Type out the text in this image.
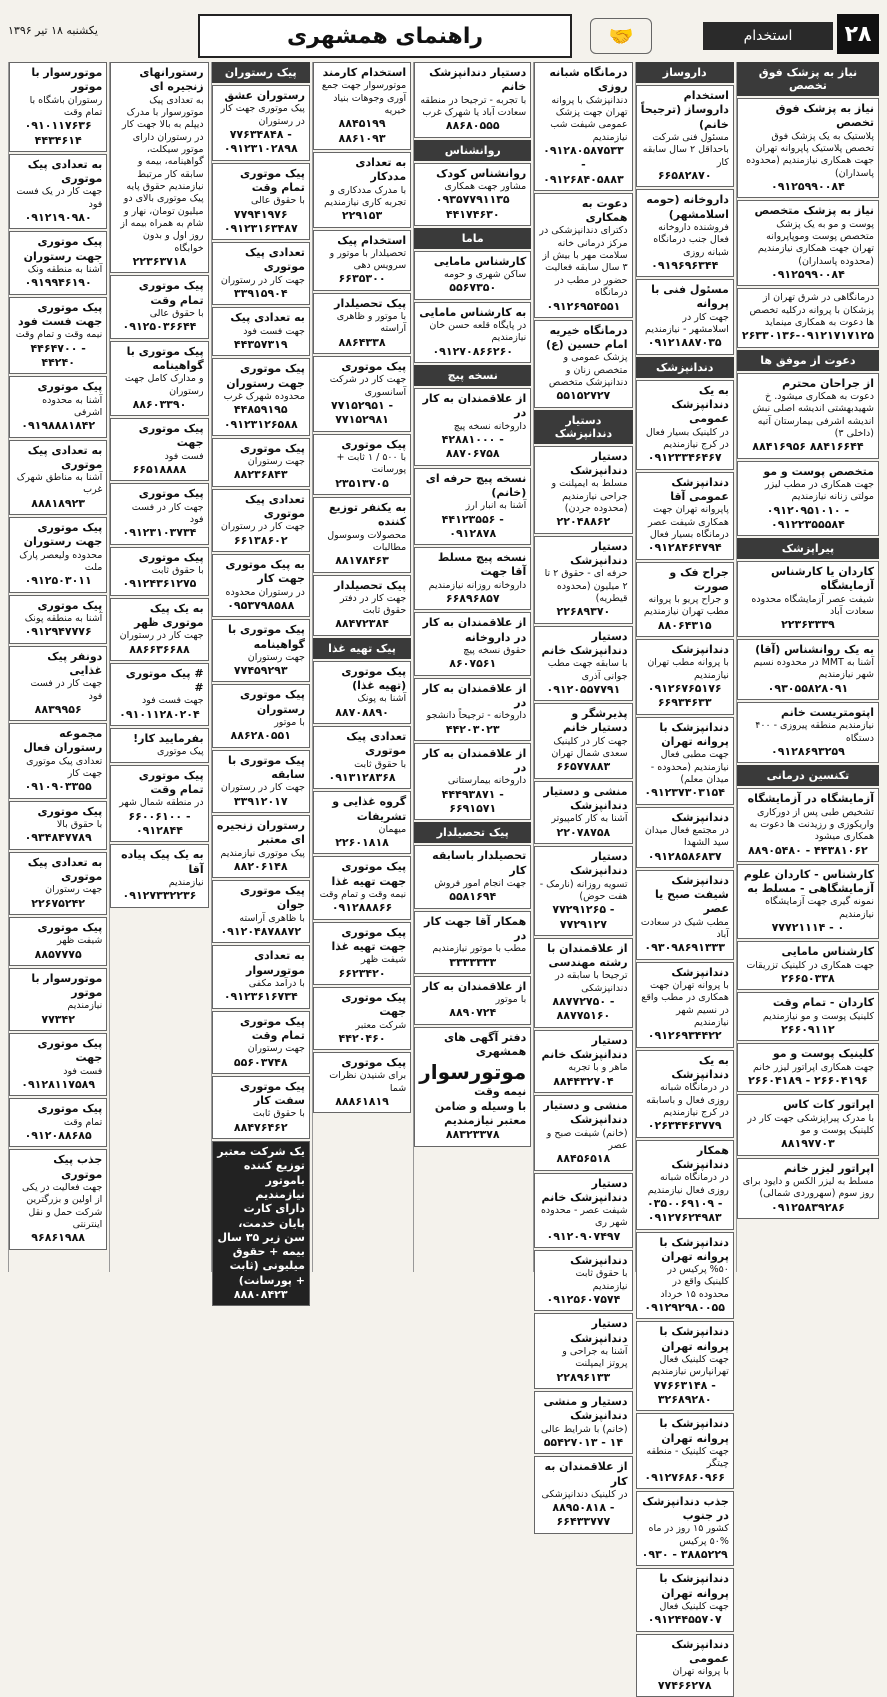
۲۸
استخدام
🤝
راهنمای همشهری
یکشنبه ۱۸ تیر ۱۳۹۶
نیاز به پزشک فوق تخصص
نیاز به پزشک فوق تخصص
پلاستیک به یک پزشک فوق تخصص پلاستیک پاپروانه تهران جهت همکاری نیازمندیم (محدوده پاسداران)
۰۹۱۲۵۹۹۰۰۸۴
نیاز به پزشک متخصص
پوست و مو به یک پزشک متخصص پوست وموپاپروانه تهران جهت همکاری نیازمندیم (محدوده پاسداران)
۰۹۱۲۵۹۹۰۰۸۴
درمانگاهی در شرق تهران از پزشکان با پروانه درکلیه تخصص ها دعوت به همکاری مینماید
۲۶۳۳۰۱۳۶-۰۹۱۲۱۷۱۷۱۲۵
دعوت از موفق ها
از جراحان محترم
دعوت به همکاری میشود. خ شهیدبهشتی اندیشه اصلی نبش اندیشه اشرفی بیمارستان آتیه (داخلی ۳)
۸۸۴۱۶۹۵۶ ۸۸۴۱۶۶۴۴
متخصص پوست و مو
جهت همکاری در مطب لیزر مولتی زنانه نیازمندیم
۰۹۱۲۰۹۵۱۰۱۰ - ۰۹۱۲۲۳۵۵۵۸۴
پیراپزشک
کاردان یا کارشناس آزمایشگاه
شیفت عصر آزمایشگاه محدوده سعادت آباد
۲۲۳۶۳۳۳۹
به یک روانشناس (آقا)
آشنا به MMT در محدوده نسیم شهر نیازمندیم
۰۹۳۰۵۵۸۲۸۰۹۱
اپتومتریست خانم
نیازمندیم منطقه پیروزی - ۴۰۰ دستگاه
۰۹۱۲۸۶۹۳۲۵۹
تکنسین درمانی
آزمایشگاه در آزمایشگاه
تشخیص طبی پس از دورکاری واریکوزی و رزیدنت ها دعوت به همکاری میشود
۸۸۹۰۵۴۸۰ - ۴۴۳۸۱۰۶۲
کارشناس - کاردان علوم آزمایشگاهی - مسلط به
نمونه گیری جهت آزمایشگاه نیازمندیم
۷۷۷۲۱۱۱۴ - ۰
کارشناس مامایی
جهت همکاری در کلینیک تزریقات
۲۶۶۵۰۳۳۸
کاردان - تمام وقت
کلینیک پوست و مو نیازمندیم
۲۶۶۰۹۱۱۲
کلینیک پوست و مو
جهت همکاری اپراتور لیزر خانم
۲۶۶۰۴۱۸۹ - ۲۶۶۰۴۱۹۶
اپراتور کات کاس
با مدرک پیراپزشکی جهت کار در کلینیک پوست و مو
۸۸۱۹۷۷۰۳
اپراتور لیزر خانم
مسلط به لیزر الکس و دایود برای روز سوم (سهروردی شمالی)
۰۹۱۲۵۸۳۹۲۸۶
داروساز
استخدام داروساز (ترجیحاً خانم)
مسئول فنی شرکت باحداقل ۲ سال سابقه کار
۶۶۵۸۲۸۷۰
داروخانه (حومه اسلامشهر)
فروشنده داروخانه فعال جنب درمانگاه شبانه روزی
۰۹۱۹۶۹۶۳۴۴
مسئول فنی با پروانه
جهت کار در اسلامشهر - نیازمندیم
۰۹۱۲۱۸۸۷۰۳۵
دندانپزشک
به یک دندانپزشک عمومی
در کلینیک بسیار فعال در کرج نیازمندیم
۰۹۱۲۳۳۴۶۴۶۷
دندانپزشک عمومی آقا
پاپروانه تهران جهت همکاری شیفت عصر درمانگاه بسیار فعال
۰۹۱۲۸۴۶۴۷۹۴
جراح فک و صورت
و جراح پریو با پروانه مطب تهران نیازمندیم
۸۸۰۶۴۳۱۵
دندانپزشک
با پروانه مطب تهران نیازمندیم
۰۹۱۲۶۷۶۵۱۷۶ ۶۶۹۳۴۶۳۳
دندانپزشک با پروانه تهران
جهت مطبی فعال نیازمندیم (محدوده - میدان معلم)
۰۹۱۲۳۷۳۰۳۱۵۴
دندانپزشک
در مجتمع فعال میدان سید الشهدا
۰۹۱۲۸۵۸۶۸۳۷
دندانپزشک شیفت صبح یا عصر
مطب شیک در سعادت آباد
۰۹۳۰۹۸۶۹۱۳۳۳
دندانپزشک
با پروانه تهران جهت همکاری در مطب واقع در نسیم شهر نیازمندیم
۰۹۱۲۶۹۳۴۴۲۲
به یک دندانپزشک
در درمانگاه شبانه روزی فعال و باسابقه در کرج نیازمندیم
۰۲۶۳۴۴۶۳۷۷۹
همکار دندانپزشک
در درمانگاه شبانه روزی فعال نیازمندیم
۰۳۵۰۰۶۹۱۰۹ - ۰۹۱۲۷۶۲۴۹۸۳
دندانپزشک با پروانه تهران
%۵۰ پرکیس در کلینیک واقع در محدوده ۱۵ خرداد
۰۹۱۲۹۲۹۸۰۰۵۵
دندانپزشک با پروانه تهران
جهت کلینیک فعال تهرانپارس نیازمندیم
۷۷۶۶۳۱۴۸ - ۳۲۶۸۹۲۸۰
دندانپزشک با پروانه تهران
جهت کلینیک - منطقه چیتگر
۰۹۱۲۷۶۸۶۰۹۶۶
جذب دندانپزشک در جنوب
کشور ۱۵ روز در ماه %۵۰ پرکیس
۰۹۳۰ - ۳۸۸۵۲۲۹
دندانپزشک با پروانه تهران
جهت کلینیک فعال
۰۹۱۲۴۴۵۵۷۰۷
دندانپزشک عمومی
با پروانه تهران
۷۷۴۶۶۲۷۸
درمانگاه شبانه روزی
دندانپزشک با پروانه تهران جهت پزشک عمومی شیفت شب نیازمندیم
۰۹۱۲۸۰۵۸۷۵۳۳ - ۰۹۱۲۶۸۴۰۵۸۸۳
دعوت به همکاری
دکترای دندانپزشکی در مرکز درمانی خانه سلامت مهر با بیش از ۳ سال سابقه فعالیت حضور در مطب در درمانگاه
۰۹۱۲۶۹۵۴۵۵۱
درمانگاه خیریه امام حسین (ع)
پزشک عمومی و متخصص زنان و دندانپزشک متخصص
۵۵۱۵۲۷۲۷
دستیار دندانپزشک
دستیار دندانپزشک
مسلط به ایمپلنت و جراحی نیازمندیم (محدوده جردن)
۲۲۰۴۸۸۶۲
دستیار دندانپزشک
حرفه ای - حقوق ۲ تا ۲ میلیون (محدوده قیطریه)
۲۲۶۸۹۳۷۰
دستیار دندانپزشک خانم
با سابقه جهت مطب جوانی آذری
۰۹۱۲۰۵۵۷۷۹۱
پذیرشگر و دستیار خانم
جهت کار در کلینیک سعدی شمال تهران
۶۶۵۷۷۸۸۳
منشی و دستیار دندانپزشک
آشنا به کار کامپیوتر
۲۲۰۷۸۷۵۸
دستیار دندانپزشک
تسویه روزانه (نارمک - هفت حوض)
۷۷۲۹۱۲۶۵ - ۷۷۲۹۱۲۷
از علاقمندان با رشته مهندسی
ترجیحا با سابقه در دندانپزشکی
۸۸۷۷۲۷۵۰ - ۸۸۷۷۵۱۶۰
دستیار دندانپزشک خانم
ماهر و با تجربه
۸۸۴۴۳۲۷۰۴
منشی و دستیار دندانپزشک
(خانم) شیفت صبح و عصر
۸۸۴۵۶۵۱۸
دستیار دندانپزشک خانم
شیفت عصر - محدوده شهر ری
۰۹۱۲۰۹۰۷۴۹۷
دندانپزشک
با حقوق ثابت نیازمندیم
۰۹۱۲۵۶۰۷۵۷۴
دستیار دندانپزشک
آشنا به جراحی و پروتز ایمپلنت
۲۲۸۹۶۱۳۳
دستیار و منشی دندانپزشک
(خانم) با شرایط عالی
۵۵۴۲۷۰۱۳ - ۱۴
از علاقمندان به کار
در کلینیک دندانپزشکی
۸۸۹۵۰۸۱۸ - ۶۶۴۳۳۷۷۷
دستیار دندانپزشک خانم
با تجربه - ترجیحا در منطقه سعادت آباد یا شهرک غرب
۸۸۶۸۰۵۵۵
روانشناس
روانشناس کودک
مشاور جهت همکاری
۰۹۳۵۷۷۹۱۱۳۵ ۴۴۱۷۴۶۳۰
ماما
کارشناس مامایی
ساکن شهری و حومه
۵۵۶۷۳۵۰
به کارشناس مامایی
در پایگاه قلعه حسن خان نیازمندیم
۰۹۱۲۷۰۸۶۶۲۶۰
نسخه پیچ
از علاقمندان به کار در
داروخانه نسخه پیچ
۴۲۸۸۱۰۰۰ - ۸۸۷۰۶۷۵۸
نسخه پیچ حرفه ای (خانم)
آشنا به انبار ارز
۴۴۱۲۳۵۵۶ - ۰۹۱۲۸۷۸
نسخه پیچ مسلط آقا جهت
داروخانه روزانه نیازمندیم
۶۶۸۹۶۸۵۷
از علاقمندان به کار در داروخانه
حقوق نسخه پیچ
۸۶۰۷۵۶۱
از علاقمندان به کار در
داروخانه - ترجیحاً دانشجو
۴۴۲۰۳۰۲۳
از علاقمندان به کار در
داروخانه بیمارستانی
۴۴۴۹۳۸۷۱ - ۶۶۹۱۵۷۱
پیک تحصیلدار
تحصیلدار باسابقه کار
جهت انجام امور فروش
۵۵۸۱۶۹۴
همکار آقا جهت کار در
مطب با موتور نیازمندیم
۳۳۳۳۳۳۳
از علاقمندان به کار
با موتور
۸۸۹۰۷۲۴
دفتر آگهی های همشهری
موتورسوار
نیمه وقت
با وسیله و ضامن معتبر نیازمندیم
۸۸۳۲۳۳۷۸
استخدام کارمند
موتورسوار جهت جمع آوری وجوهات بنیاد خیریه
۸۸۴۵۱۹۹ ۸۸۶۱۰۹۳
به تعدادی مددکار
با مدرک مددکاری و تجربه کاری نیازمندیم
۲۲۹۱۵۳
استخدام پیک
تحصیلدار با موتور و سرویس دهی
۶۶۳۵۳۰۰
پیک تحصیلدار
با موتور و ظاهری آراسته
۸۸۶۴۳۳۸
پیک موتوری
جهت کار در شرکت آسانسوری
۷۷۱۵۲۹۵۱ - ۷۷۱۵۲۹۸۱
پیک موتوری
با ۵۰۰ / ۱ ثابت + پورسانت
۲۳۵۱۳۷۰۵
به یکنفر توزیع کننده
محصولات وسوسول مطالبات
۸۸۱۷۸۴۶۳
پیک تحصیلدار
جهت کار در دفتر حقوق ثابت
۸۸۴۷۲۳۸۴
پیک تهیه غذا
پیک موتوری (تهیه غذا)
آشنا به پونک
۸۸۷۰۸۸۹۰
تعدادی پیک موتوری
با حقوق ثابت
۰۹۱۳۱۲۸۳۶۸
گروه غذایی و تشریفات
میهمان
۲۲۶۰۱۸۱۸
پیک موتوری جهت تهیه غذا
نیمه وقت و تمام وقت
۰۹۱۲۸۸۸۶۶
پیک موتوری جهت تهیه غذا
شیفت ظهر
۶۶۲۳۴۲۰
پیک موتوری جهت
شرکت معتبر
۴۴۲۰۴۶۰
پیک موتوری
برای شنیدن نظرات شما
۸۸۸۶۱۸۱۹
پیک رستوران
رستوران عشق
پیک موتوری جهت کار در رستوران
۷۷۶۳۴۸۴۸ - ۰۹۱۲۳۱۰۲۸۹۸
پیک موتوری تمام وقت
با حقوق عالی
۷۷۹۴۱۹۷۶ ۰۹۱۲۳۱۶۳۴۸۷
تعدادی پیک موتوری
جهت کار در رستوران
۳۳۹۱۵۹۰۴
به تعدادی پیک
جهت فست فود
۴۴۳۵۷۳۱۹
پیک موتوری جهت رستوران
محدوده شهرک غرب
۴۴۸۵۹۱۹۵ ۰۹۱۲۳۱۲۶۵۸۸
پیک موتوری
جهت رستوران
۸۸۲۳۶۸۴۳
تعدادی پیک موتوری
جهت کار در رستوران
۶۶۱۳۸۶۰۲
به پیک موتوری جهت کار
در رستوران محدوده
۰۹۵۳۷۹۸۵۸۸
پیک موتوری با گواهینامه
جهت رستوران
۷۷۴۵۹۲۹۳
پیک موتوری رستوران
با موتور
۸۸۶۲۸۰۵۵۱
پیک موتوری با سابقه
جهت کار در رستوران
۳۳۹۱۲۰۱۷
رستوران زنجیره ای معتبر
پیک موتوری نیازمندیم
۸۸۲۰۶۱۴۸
پیک موتوری جوان
با ظاهری آراسته
۰۹۱۲۰۴۸۷۸۸۷۲
به تعدادی موتورسوار
با درآمد مکفی
۰۹۱۲۳۶۱۶۷۳۴
پیک موتوری تمام وقت
جهت رستوران
۵۵۶۰۳۷۴۸
پیک موتوری سفت کار
با حقوق ثابت
۸۸۴۷۶۴۶۲
یک شرکت معتبر
توزیع کننده باموتور نیازمندیم
دارای کارت پایان خدمت، سن زیر ۳۵ سال بیمه + حقوق میلیونی (ثابت + پورسانت)
۸۸۸۰۸۴۲۳
رستورانهای زنجیره ای
به تعدادی پیک موتورسوار با مدرک دیپلم به بالا جهت کار در رستوران دارای موتور سیکلت، گواهینامه، بیمه و سابقه کار مرتبط نیازمندیم حقوق پایه پیک موتوری بالای دو میلیون تومان، نهار و شام به همراه بیمه از روز اول و بدون خوابگاه
۲۲۳۶۳۷۱۸
پیک موتوری تمام وقت
با حقوق عالی
۰۹۱۲۵۰۳۶۶۴۴
پیک موتوری با گواهینامه
و مدارک کامل جهت رستوران
۸۸۶۰۳۳۹۰
پیک موتوری جهت
فست فود
۶۶۵۱۸۸۸۸
پیک موتوری
جهت کار در فست فود
۰۹۱۲۳۱۰۳۷۳۴
پیک موتوری
با حقوق ثابت
۰۹۱۲۴۳۶۱۲۷۵
به یک پیک موتوری ظهر
جهت کار در رستوران
۸۸۶۶۳۶۶۸۸
# پیک موتوری #
جهت فست فود
۰۹۱۰۱۱۲۸۰۲۰۴
بفرمایید کار!
پیک موتوری
پیک موتوری تمام وقت
در منطقه شمال شهر
۶۶۰۰۶۱۰۰ - ۰۹۱۲۸۴۴
به یک پیک پیاده آقا
نیازمندیم
۰۹۱۲۷۳۳۲۲۳۶
موتورسوار با موتور
رستوران باشگاه با تمام وقت
۰۹۱۰۱۱۷۶۳۶ ۴۴۳۴۶۱۴
به تعدادی پیک موتوری
جهت کار در یک فست فود
۰۹۱۲۱۹۰۹۸۰
پیک موتوری جهت رستوران
آشنا به منطقه ونک
۰۹۱۹۹۴۶۱۹۰
پیک موتوری جهت فست فود
نیمه وقت و تمام وقت
۴۴۶۴۷۰۰ - ۴۴۲۴۰
پیک موتوری
آشنا به محدوده اشرفی
۰۹۱۹۸۸۸۱۸۴۲
به تعدادی پیک موتوری
آشنا به مناطق شهرک غرب
۸۸۸۱۸۹۲۳
پیک موتوری جهت رستوران
محدوده ولیعصر پارک ملت
۰۹۱۲۵۰۳۰۱۱
پیک موتوری
آشنا به منطقه پونک
۰۹۱۲۹۴۷۷۷۶
دونفر پیک غذایی
جهت کار در فست فود
۸۸۳۹۹۵۶
مجموعه رستوران فعال
تعدادی پیک موتوری جهت کار
۰۹۱۰۹۰۳۳۵۵
پیک موتوری
با حقوق بالا
۰۹۳۴۸۴۷۷۸۹
به تعدادی پیک موتوری
جهت رستوران
۲۲۶۷۵۲۴۲
پیک موتوری
شیفت ظهر
۸۸۵۷۷۷۵
موتورسوار با موتور
نیازمندیم
۷۷۳۴۲
پیک موتوری جهت
فست فود
۰۹۱۲۸۱۱۷۵۸۹
پیک موتوری
تمام وقت
۰۹۱۲۰۸۸۶۸۵
جذب پیک موتوری
جهت فعالیت در یکی از اولین و بزرگترین شرکت حمل و نقل اینترنتی
۹۶۸۶۱۹۸۸
